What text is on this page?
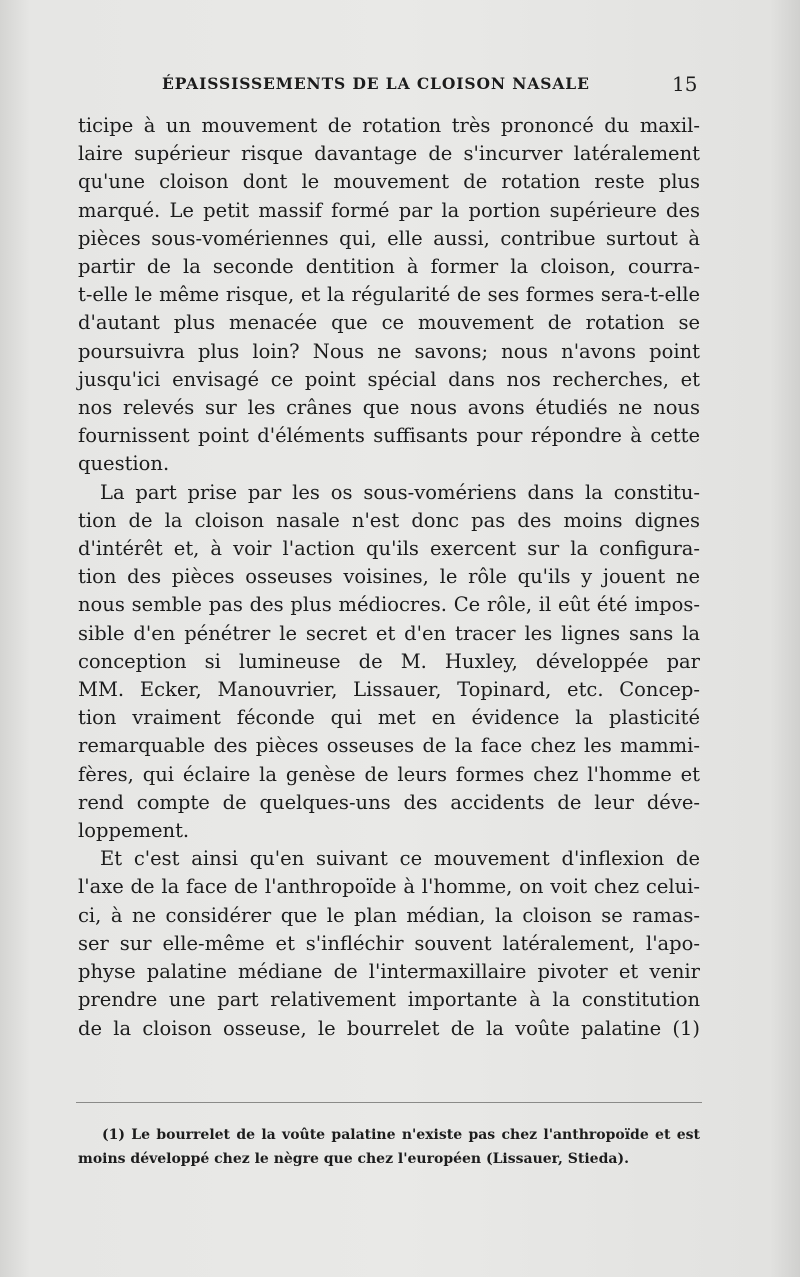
ÉPAISSISSEMENTS DE LA CLOISON NASALE	15
ticipe à un mouvement de rotation très prononcé du maxil-
laire supérieur risque davantage de s'incurver latéralement
qu'une cloison dont le mouvement de rotation reste plus
marqué. Le petit massif formé par la portion supérieure des
pièces sous-vomériennes qui, elle aussi, contribue surtout à
partir de la seconde dentition à former la cloison, courra-
t-elle le même risque, et la régularité de ses formes sera-t-elle
d'autant plus menacée que ce mouvement de rotation se
poursuivra plus loin? Nous ne savons; nous n'avons point
jusqu'ici envisagé ce point spécial dans nos recherches, et
nos relevés sur les crânes que nous avons étudiés ne nous
fournissent point d'éléments suffisants pour répondre à cette
question.
La part prise par les os sous-vomériens dans la constitu-
tion de la cloison nasale n'est donc pas des moins dignes
d'intérêt et, à voir l'action qu'ils exercent sur la configura-
tion des pièces osseuses voisines, le rôle qu'ils y jouent ne
nous semble pas des plus médiocres. Ce rôle, il eût été impos-
sible d'en pénétrer le secret et d'en tracer les lignes sans la
conception si lumineuse de M. Huxley, développée par
MM. Ecker, Manouvrier, Lissauer, Topinard, etc. Concep-
tion vraiment féconde qui met en évidence la plasticité
remarquable des pièces osseuses de la face chez les mammi-
fères, qui éclaire la genèse de leurs formes chez l'homme et
rend compte de quelques-uns des accidents de leur déve-
loppement.
Et c'est ainsi qu'en suivant ce mouvement d'inflexion de
l'axe de la face de l'anthropoïde à l'homme, on voit chez celui-
ci, à ne considérer que le plan médian, la cloison se ramas-
ser sur elle-même et s'infléchir souvent latéralement, l'apo-
physe palatine médiane de l'intermaxillaire pivoter et venir
prendre une part relativement importante à la constitution
de la cloison osseuse, le bourrelet de la voûte palatine (1)
(1) Le bourrelet de la voûte palatine n'existe pas chez l'anthropoïde et est
moins développé chez le nègre que chez l'européen (Lissauer, Stieda).
